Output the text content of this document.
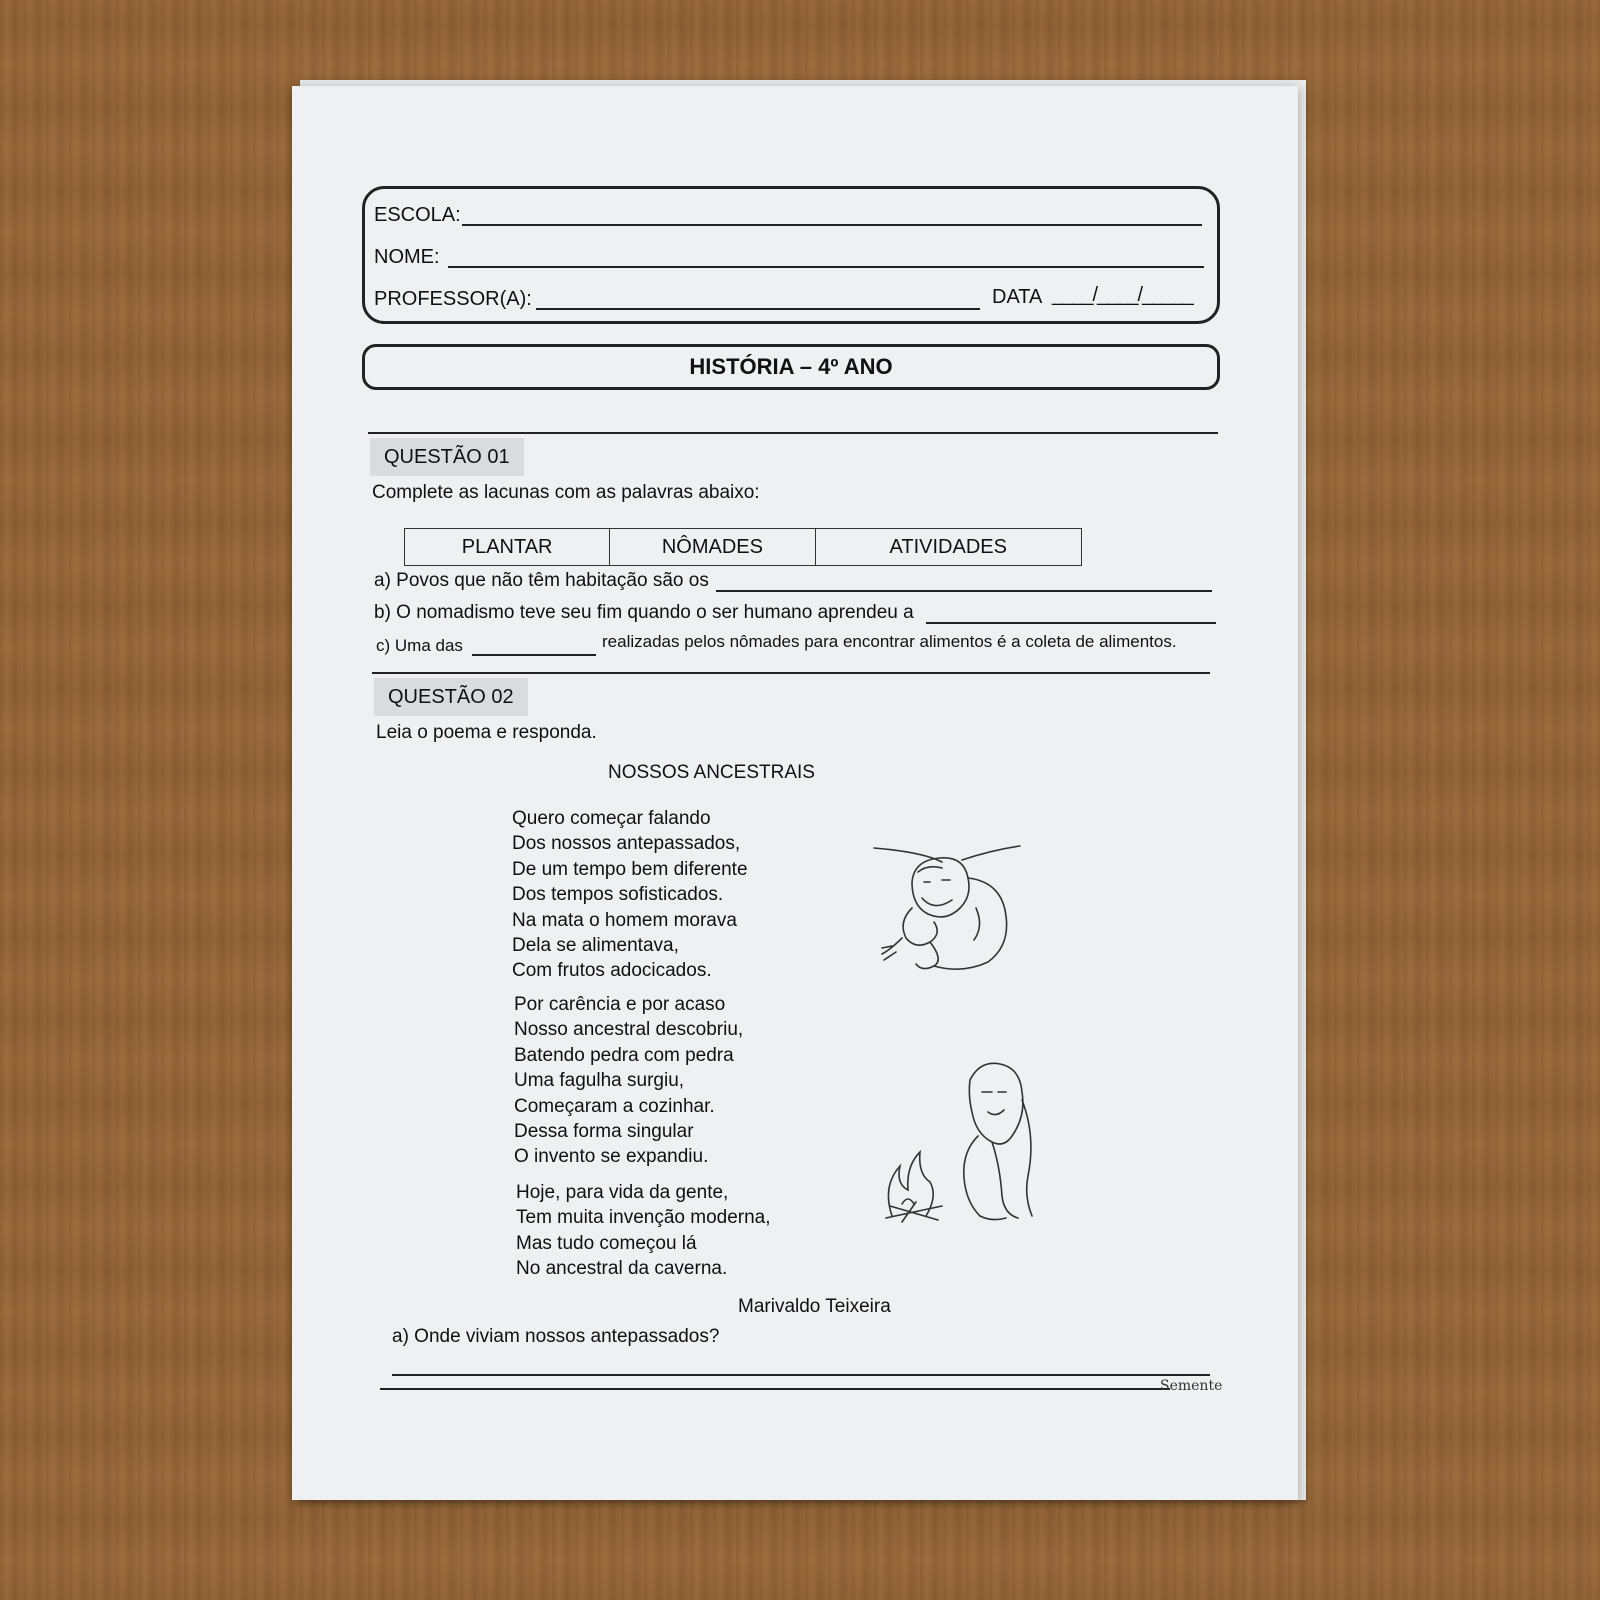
ESCOLA:
NOME:
PROFESSOR(A):	DATA ____/____/_____
HISTÓRIA – 4º ANO
QUESTÃO 01
Complete as lacunas com as palavras abaixo:
PLANTAR	NÔMADES	ATIVIDADES
a) Povos que não têm habitação são os
b) O nomadismo teve seu fim quando o ser humano aprendeu a
c) Uma das	realizadas pelos nômades para encontrar alimentos é a coleta de alimentos.
QUESTÃO 02
Leia o poema e responda.
NOSSOS ANCESTRAIS
Quero começar falando
Dos nossos antepassados,
De um tempo bem diferente
Dos tempos sofisticados.
Na mata o homem morava
Dela se alimentava,
Com frutos adocicados.
Por carência e por acaso
Nosso ancestral descobriu,
Batendo pedra com pedra
Uma fagulha surgiu,
Começaram a cozinhar.
Dessa forma singular
O invento se expandiu.
Hoje, para vida da gente,
Tem muita invenção moderna,
Mas tudo começou lá
No ancestral da caverna.
Marivaldo Teixeira
a) Onde viviam nossos antepassados?
Semente
